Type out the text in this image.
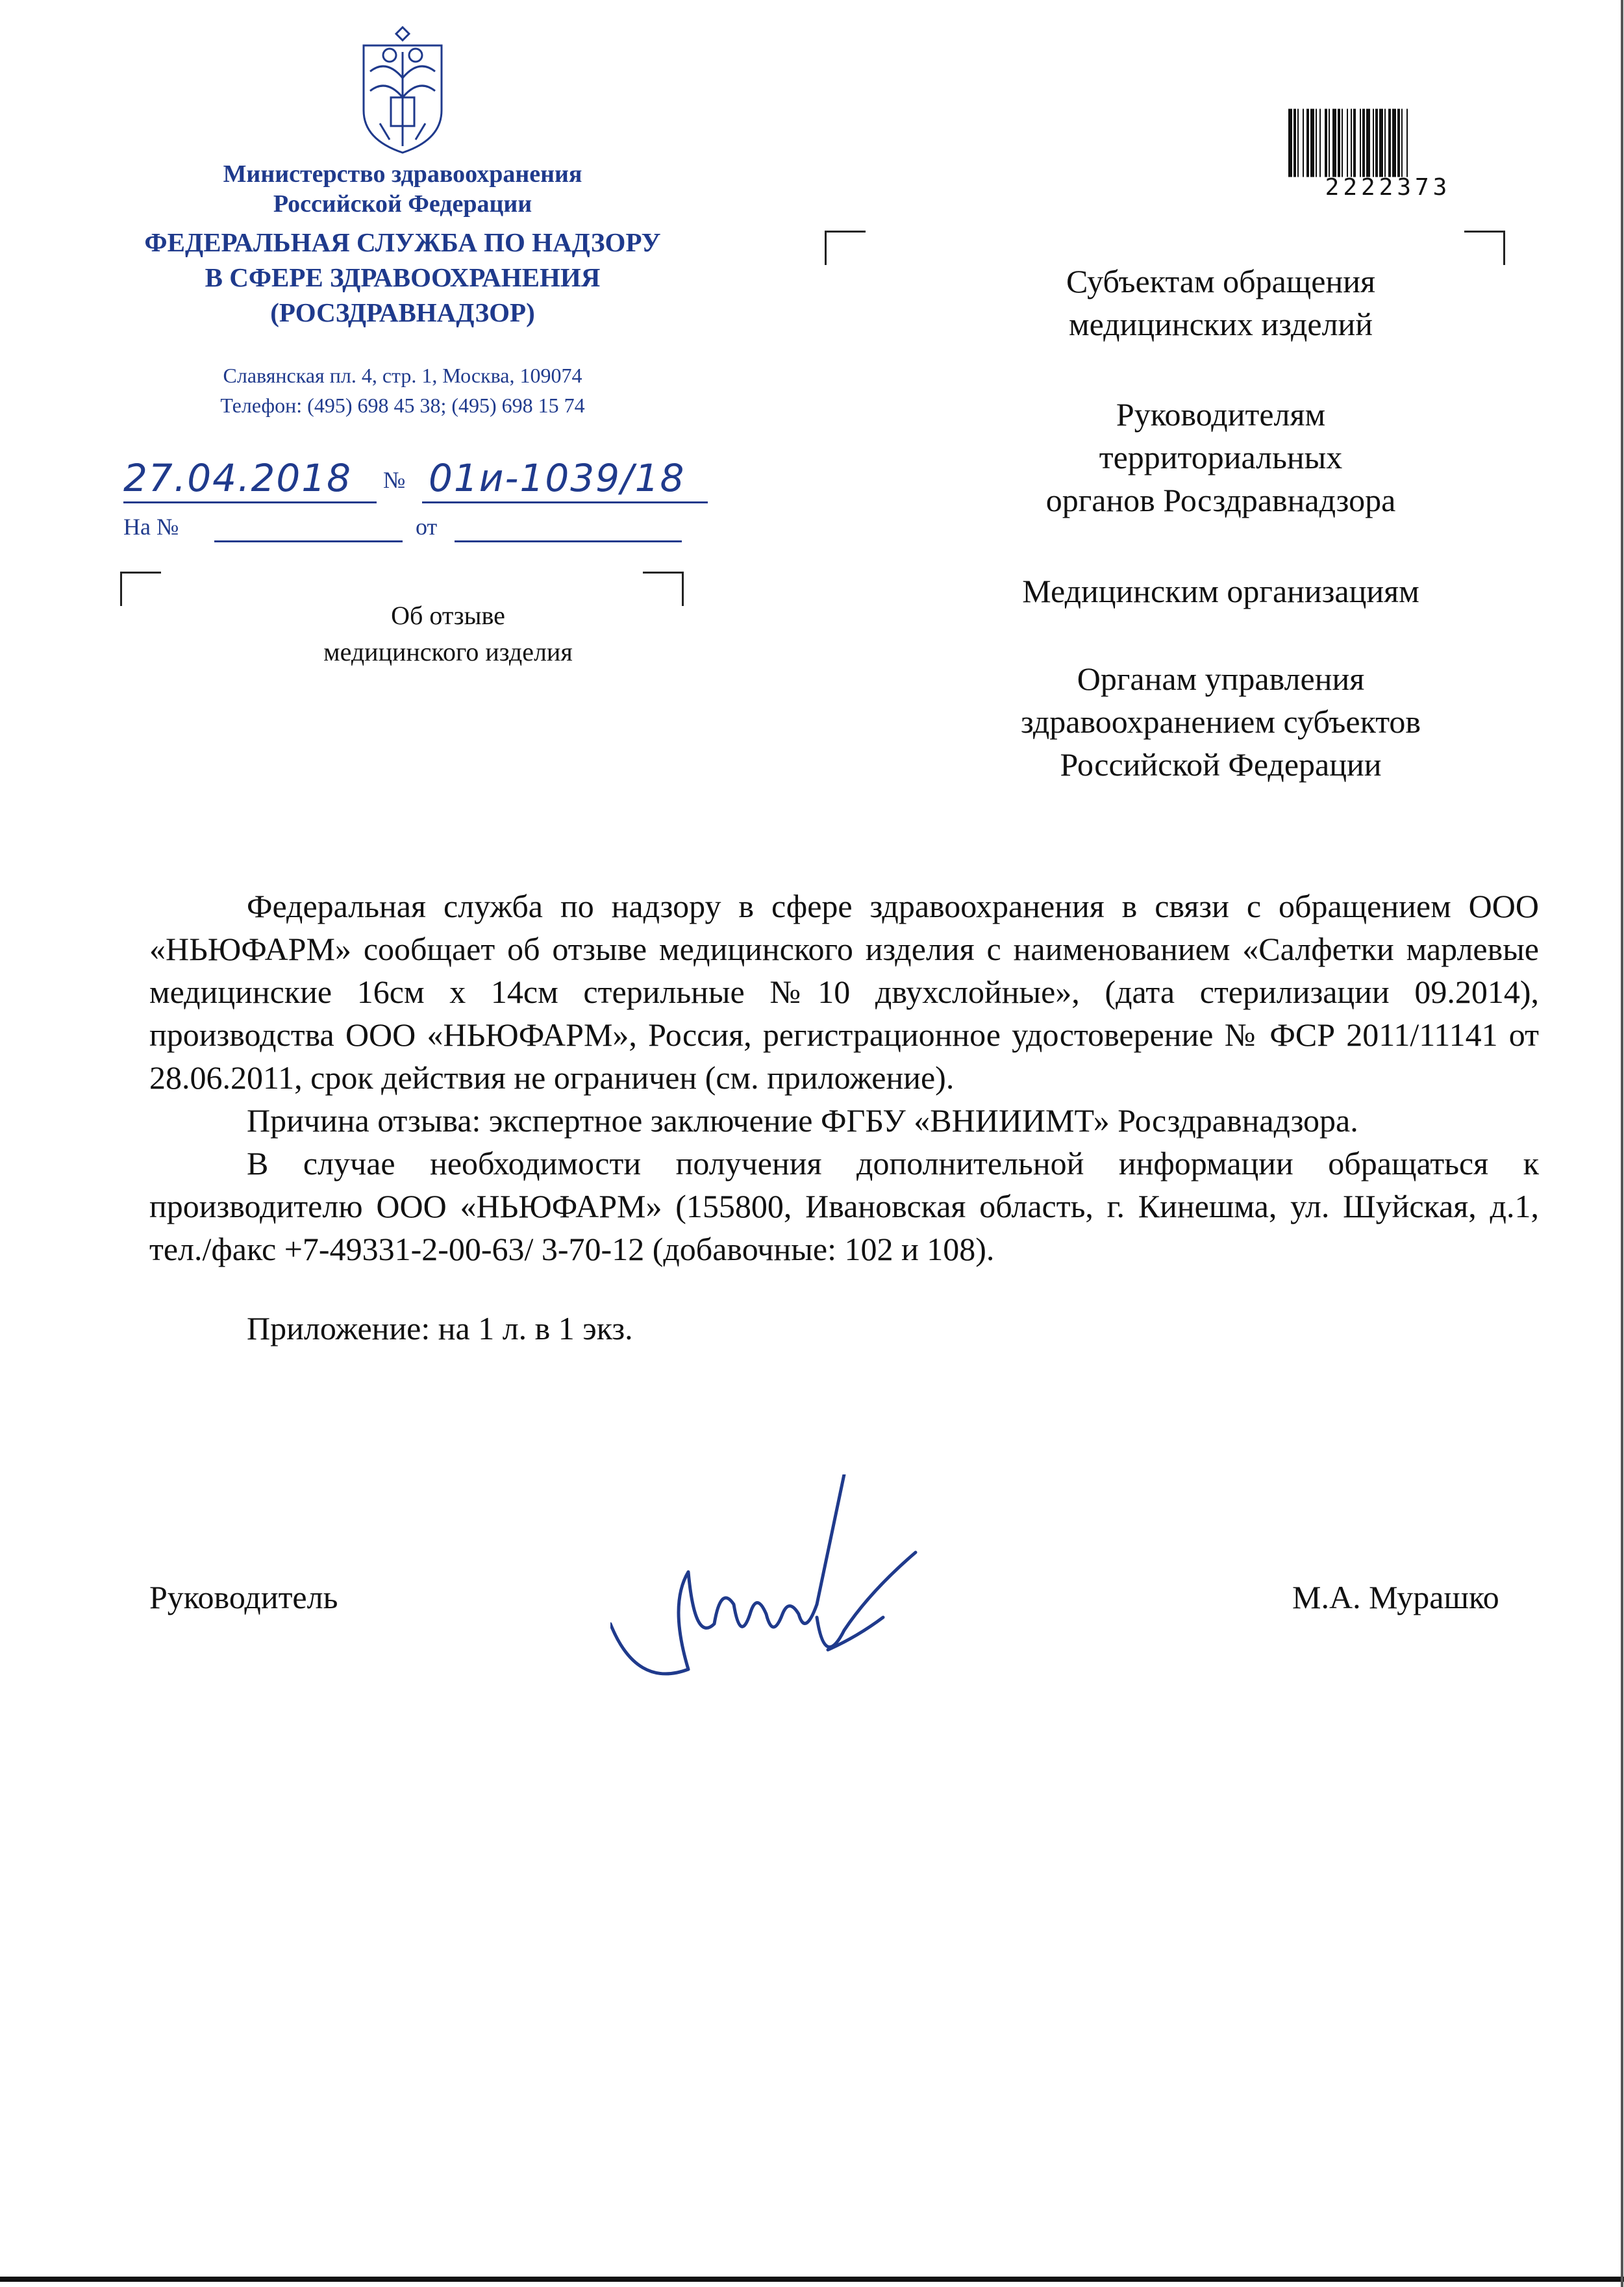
Министерство здравоохранения
Российской Федерации
ФЕДЕРАЛЬНАЯ СЛУЖБА ПО НАДЗОРУ
В СФЕРЕ ЗДРАВООХРАНЕНИЯ
(РОСЗДРАВНАДЗОР)
Славянская пл. 4, стр. 1, Москва, 109074
Телефон: (495) 698 45 38; (495) 698 15 74
27.04.2018 № 01и-1039/18
На №	от
Об отзыве
медицинского изделия
2222373
Субъектам обращения
медицинских изделий
Руководителям
территориальных
органов Росздравнадзора
Медицинским организациям
Органам управления
здравоохранением субъектов
Российской Федерации

Федеральная служба по надзору в сфере здравоохранения в связи с обращением ООО «НЬЮФАРМ» сообщает об отзыве медицинского изделия с наименованием «Салфетки марлевые медицинские 16см х 14см стерильные №10 двухслойные», (дата стерилизации 09.2014), производства ООО «НЬЮФАРМ», Россия, регистрационное удостоверение № ФСР 2011/11141 от 28.06.2011, срок действия не ограничен (см. приложение).

Причина отзыва: экспертное заключение ФГБУ «ВНИИИМТ» Росздравнадзора.

В случае необходимости получения дополнительной информации обращаться к производителю ООО «НЬЮФАРМ» (155800, Ивановская область, г. Кинешма, ул. Шуйская, д.1, тел./факс +7-49331-2-00-63/ 3-70-12 (добавочные: 102 и 108).

Приложение: на 1 л. в 1 экз.

Руководитель	М.А. Мурашко
